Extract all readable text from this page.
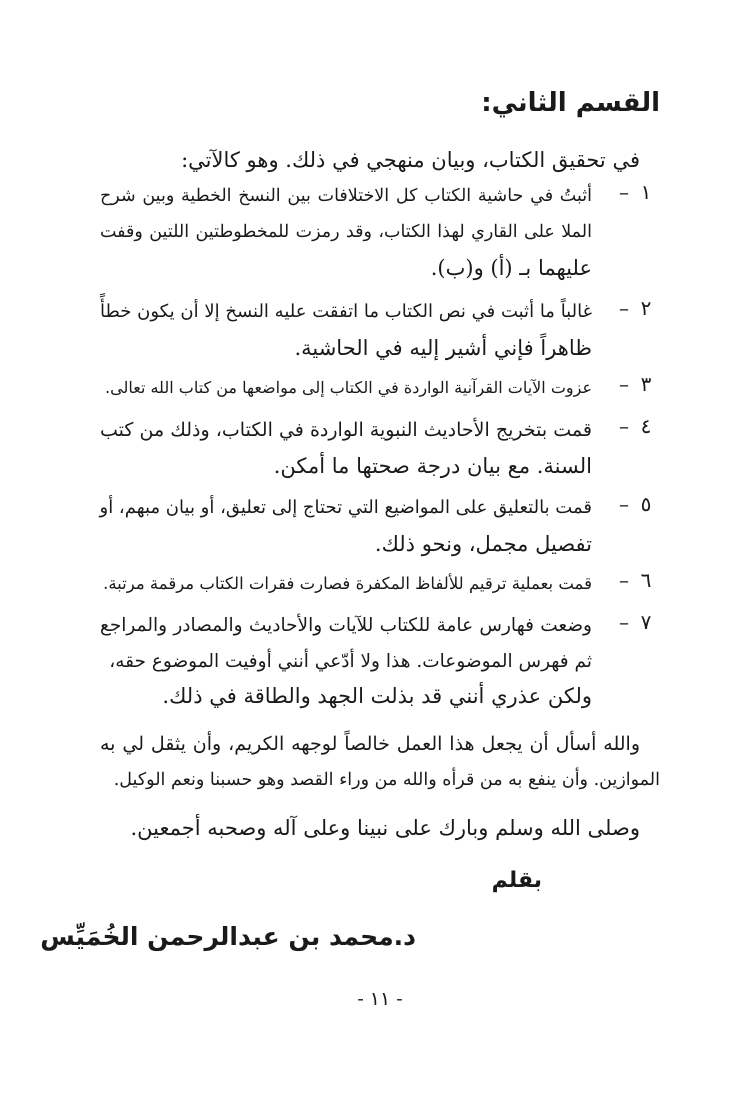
القسم الثاني:
في تحقيق الكتاب، وبيان منهجي في ذلك. وهو كالآتي:
١
–
أثبتُ في حاشية الكتاب كل الاختلافات بين النسخ الخطية وبين شرح
الملا على القاري لهذا الكتاب، وقد رمزت للمخطوطتين اللتين وقفت
عليهما بـ (أ) و(ب).
٢
–
غالباً ما أثبت في نص الكتاب ما اتفقت عليه النسخ إلا أن يكون خطأً
ظاهراً فإني أشير إليه في الحاشية.
٣
–
عزوت الآيات القرآنية الواردة في الكتاب إلى مواضعها من كتاب الله تعالى.
٤
–
قمت بتخريج الأحاديث النبوية الواردة في الكتاب، وذلك من كتب
السنة. مع بيان درجة صحتها ما أمكن.
٥
–
قمت بالتعليق على المواضيع التي تحتاج إلى تعليق، أو بيان مبهم، أو
تفصيل مجمل، ونحو ذلك.
٦
–
قمت بعملية ترقيم للألفاظ المكفرة فصارت فقرات الكتاب مرقمة مرتبة.
٧
–
وضعت فهارس عامة للكتاب للآيات والأحاديث والمصادر والمراجع
ثم فهرس الموضوعات. هذا ولا أدّعي أنني أوفيت الموضوع حقه،
ولكن عذري أنني قد بذلت الجهد والطاقة في ذلك.
والله أسأل أن يجعل هذا العمل خالصاً لوجهه الكريم، وأن يثقل لي به
الموازين. وأن ينفع به من قرأه والله من وراء القصد وهو حسبنا ونعم الوكيل.
وصلى الله وسلم وبارك على نبينا وعلى آله وصحبه أجمعين.
بقلم
د.محمد بن عبدالرحمن الخُمَيِّس
- ١١ -
